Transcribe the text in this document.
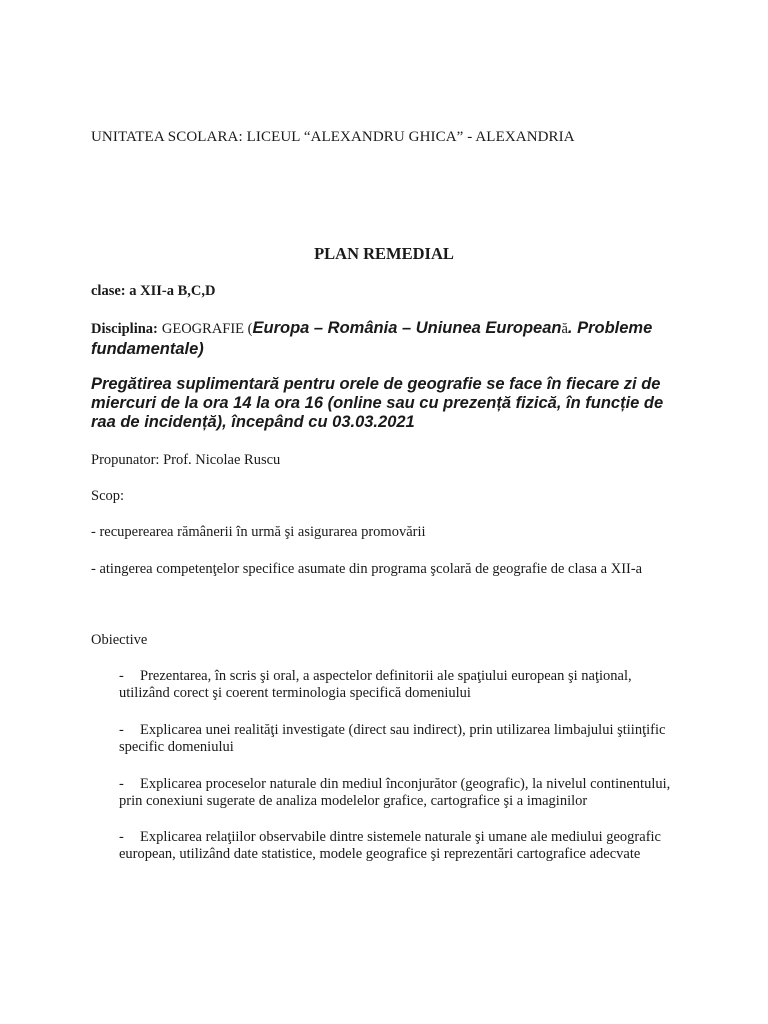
UNITATEA SCOLARA: LICEUL “ALEXANDRU GHICA” - ALEXANDRIA
PLAN REMEDIAL
clase: a XII-a B,C,D
Disciplina: GEOGRAFIE (Europa – România – Uniunea Europeană. Probleme fundamentale)
Pregătirea suplimentară pentru orele de geografie se face în fiecare zi de miercuri de la ora 14 la ora 16 (online sau cu prezență fizică, în funcție de raa de incidență), începând cu 03.03.2021
Propunator: Prof. Nicolae Ruscu
Scop:
- recuperearea rămânerii în urmă şi asigurarea promovării
- atingerea competenţelor specifice asumate din programa şcolară de geografie de clasa a XII-a
Obiective
- Prezentarea, în scris şi oral, a aspectelor definitorii ale spaţiului european şi naţional, utilizând corect şi coerent terminologia specifică domeniului
- Explicarea unei realităţi investigate (direct sau indirect), prin utilizarea limbajului ştiinţific specific domeniului
- Explicarea proceselor naturale din mediul înconjurător (geografic), la nivelul continentului, prin conexiuni sugerate de analiza modelelor grafice, cartografice şi a imaginilor
- Explicarea relaţiilor observabile dintre sistemele naturale şi umane ale mediului geografic european, utilizând date statistice, modele geografice şi reprezentări cartografice adecvate
